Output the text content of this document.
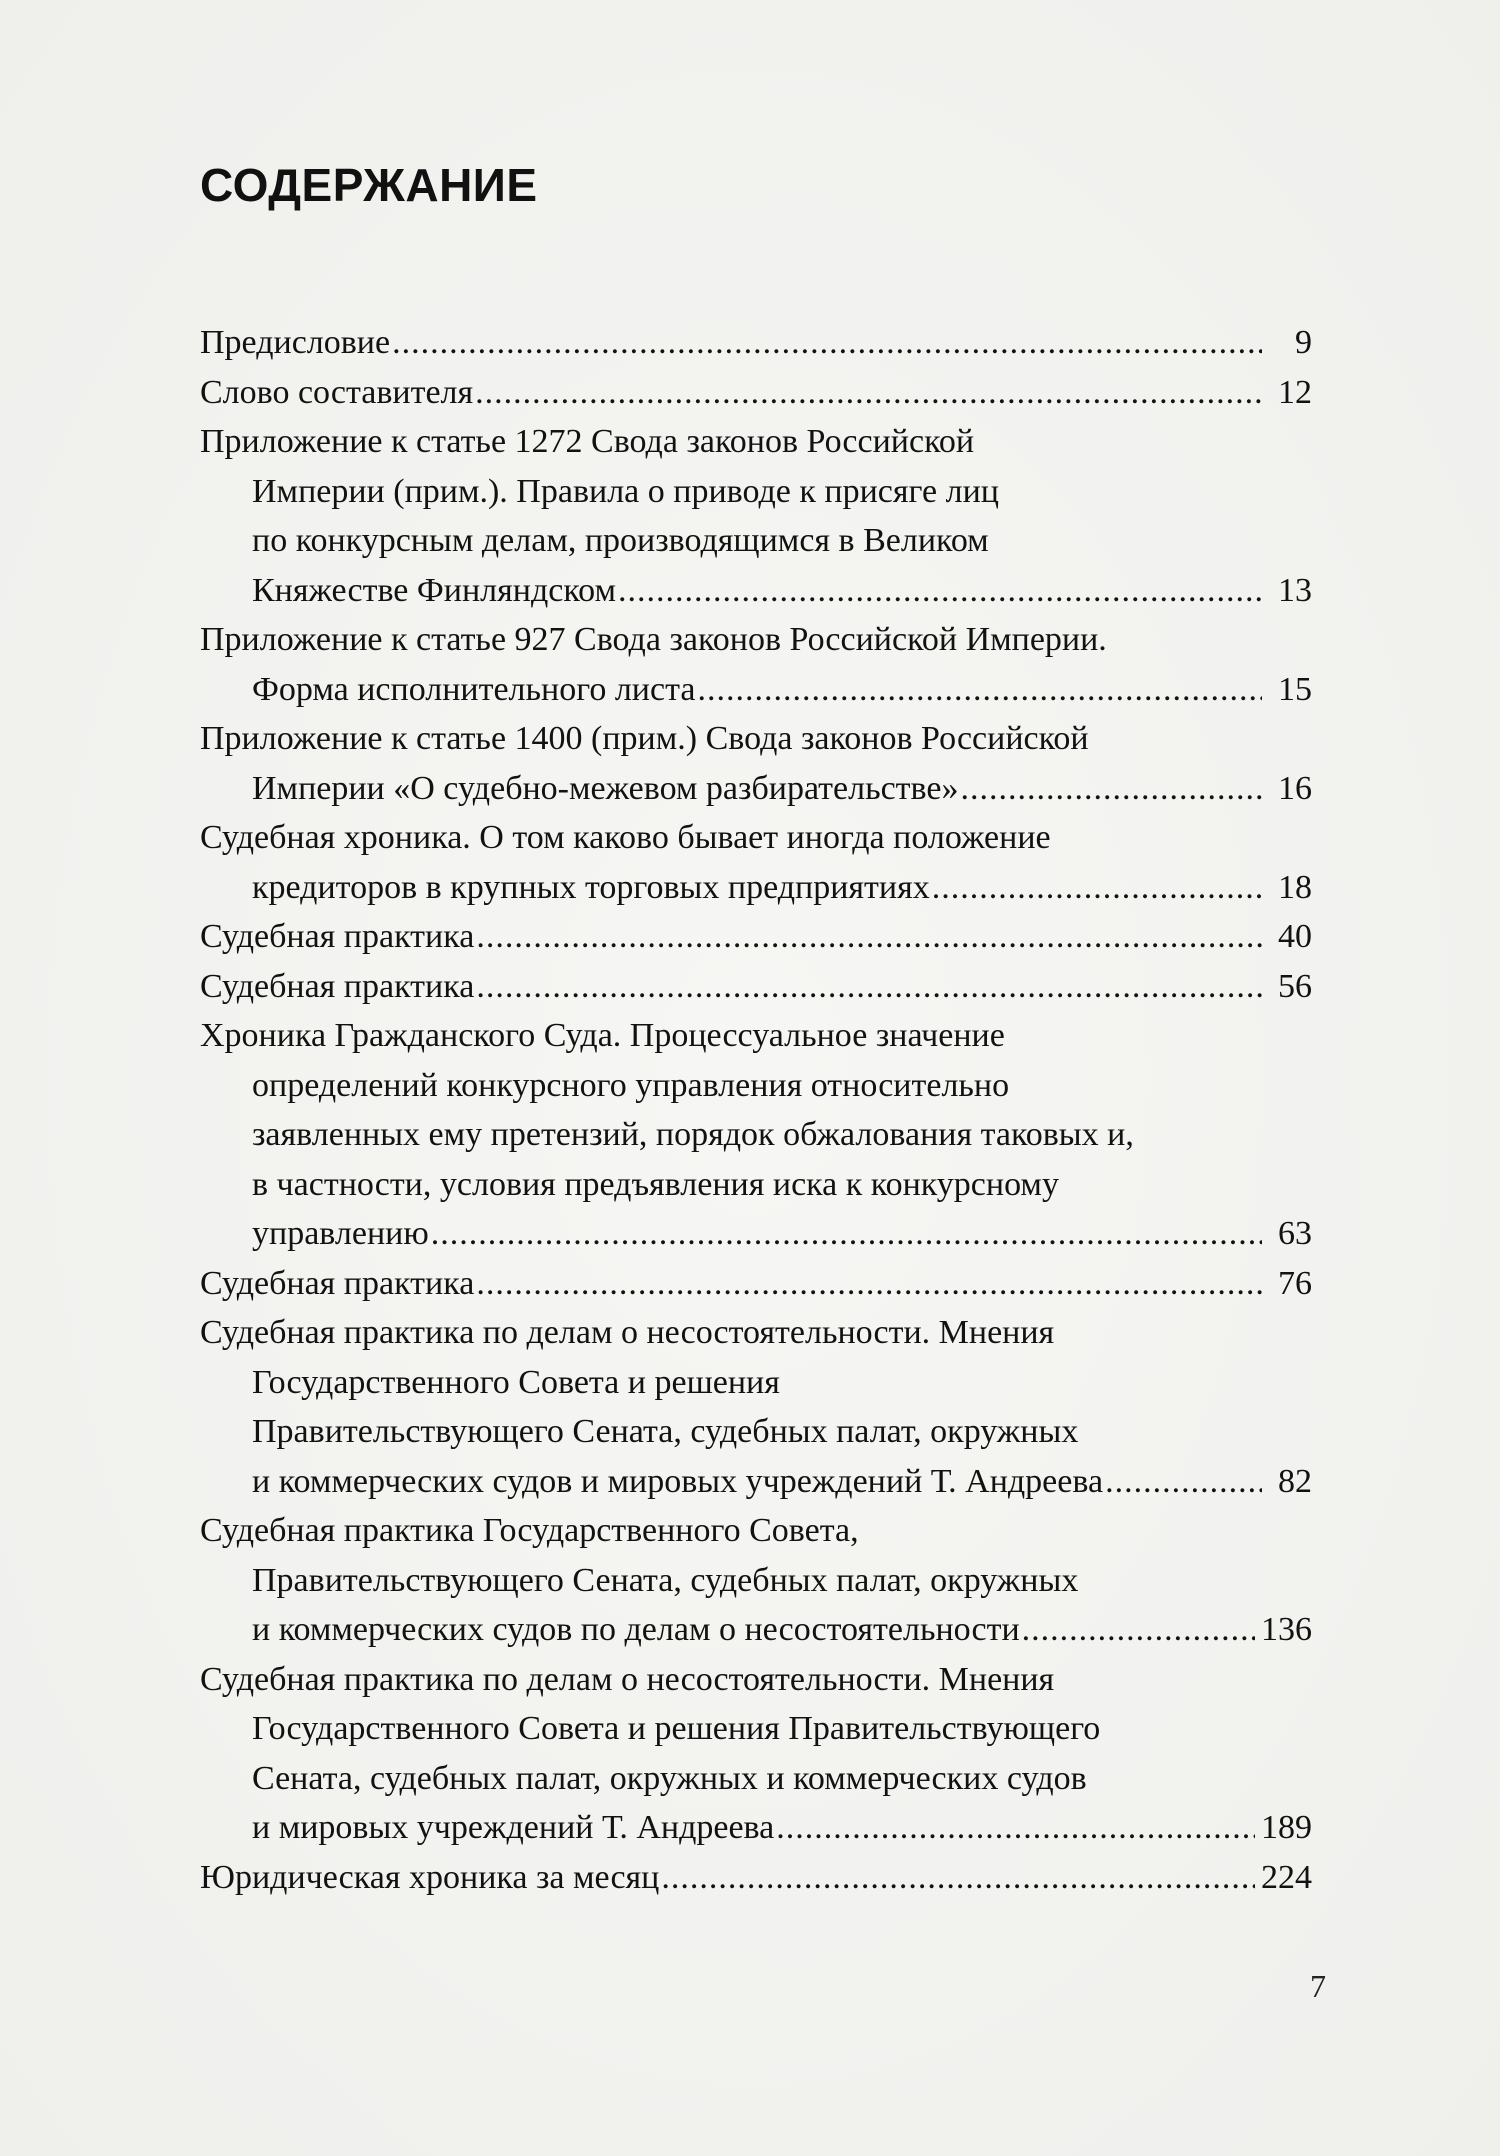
СОДЕРЖАНИЕ
Предисловие .....	9
Слово составителя .....	12
Приложение к статье 1272 Свода законов Российской
Империи (прим.). Правила о приводе к присяге лиц
по конкурсным делам, производящимся в Великом
Княжестве Финляндском .....	13
Приложение к статье 927 Свода законов Российской Империи.
Форма исполнительного листа .....	15
Приложение к статье 1400 (прим.) Свода законов Российской
Империи «О судебно-межевом разбирательстве» .....	16
Судебная хроника. О том каково бывает иногда положение
кредиторов в крупных торговых предприятиях .....	18
Судебная практика .....	40
Судебная практика .....	56
Хроника Гражданского Суда. Процессуальное значение
определений конкурсного управления относительно
заявленных ему претензий, порядок обжалования таковых и,
в частности, условия предъявления иска к конкурсному
управлению .....	63
Судебная практика .....	76
Судебная практика по делам о несостоятельности. Мнения
Государственного Совета и решения
Правительствующего Сената, судебных палат, окружных
и коммерческих судов и мировых учреждений Т. Андреева .....	82
Судебная практика Государственного Совета,
Правительствующего Сената, судебных палат, окружных
и коммерческих судов по делам о несостоятельности .....	136
Судебная практика по делам о несостоятельности. Мнения
Государственного Совета и решения Правительствующего
Сената, судебных палат, окружных и коммерческих судов
и мировых учреждений Т. Андреева .....	189
Юридическая хроника за месяц .....	224
7
